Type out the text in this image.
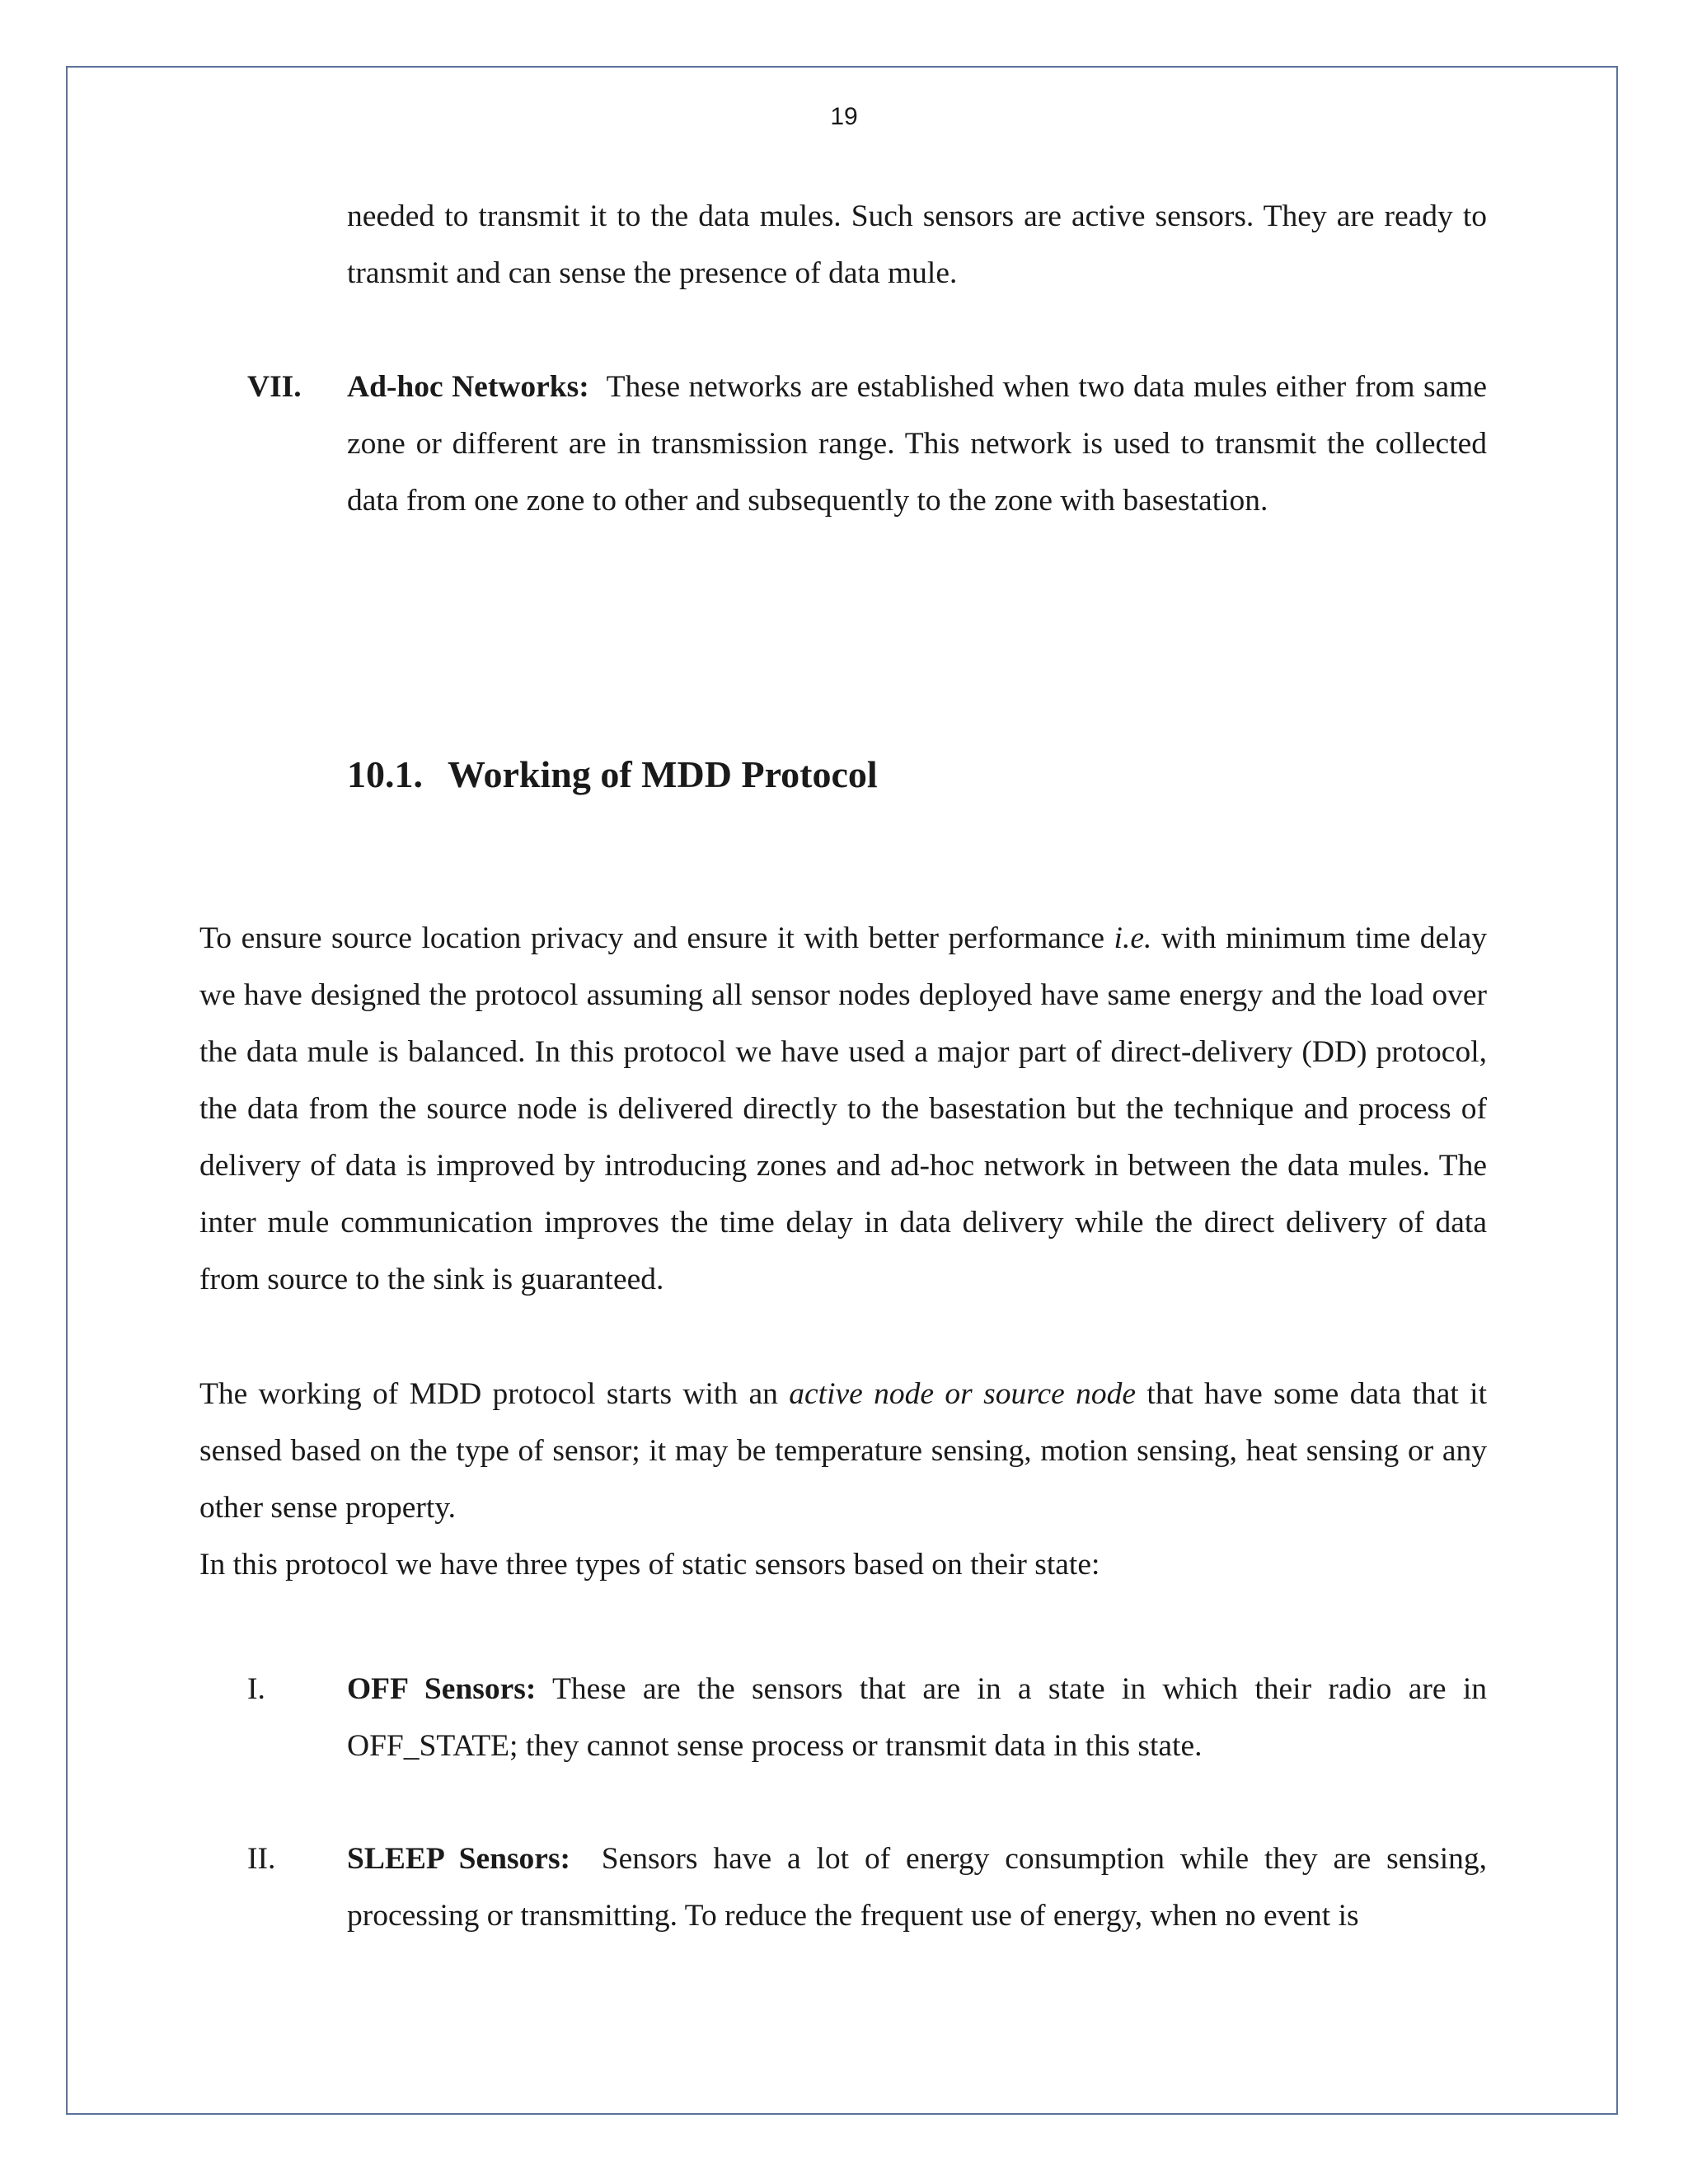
19

needed to transmit it to the data mules. Such sensors are active sensors. They are ready to transmit and can sense the presence of data mule.

VII. Ad-hoc Networks: These networks are established when two data mules either from same zone or different are in transmission range. This network is used to transmit the collected data from one zone to other and subsequently to the zone with basestation.

10.1. Working of MDD Protocol

To ensure source location privacy and ensure it with better performance i.e. with minimum time delay we have designed the protocol assuming all sensor nodes deployed have same energy and the load over the data mule is balanced. In this protocol we have used a major part of direct-delivery (DD) protocol, the data from the source node is delivered directly to the basestation but the technique and process of delivery of data is improved by introducing zones and ad-hoc network in between the data mules. The inter mule communication improves the time delay in data delivery while the direct delivery of data from source to the sink is guaranteed.

The working of MDD protocol starts with an active node or source node that have some data that it sensed based on the type of sensor; it may be temperature sensing, motion sensing, heat sensing or any other sense property.

In this protocol we have three types of static sensors based on their state:

I.	OFF Sensors: These are the sensors that are in a state in which their radio are in OFF_STATE; they cannot sense process or transmit data in this state.

II. SLEEP Sensors: Sensors have a lot of energy consumption while they are sensing, processing or transmitting. To reduce the frequent use of energy, when no event is
